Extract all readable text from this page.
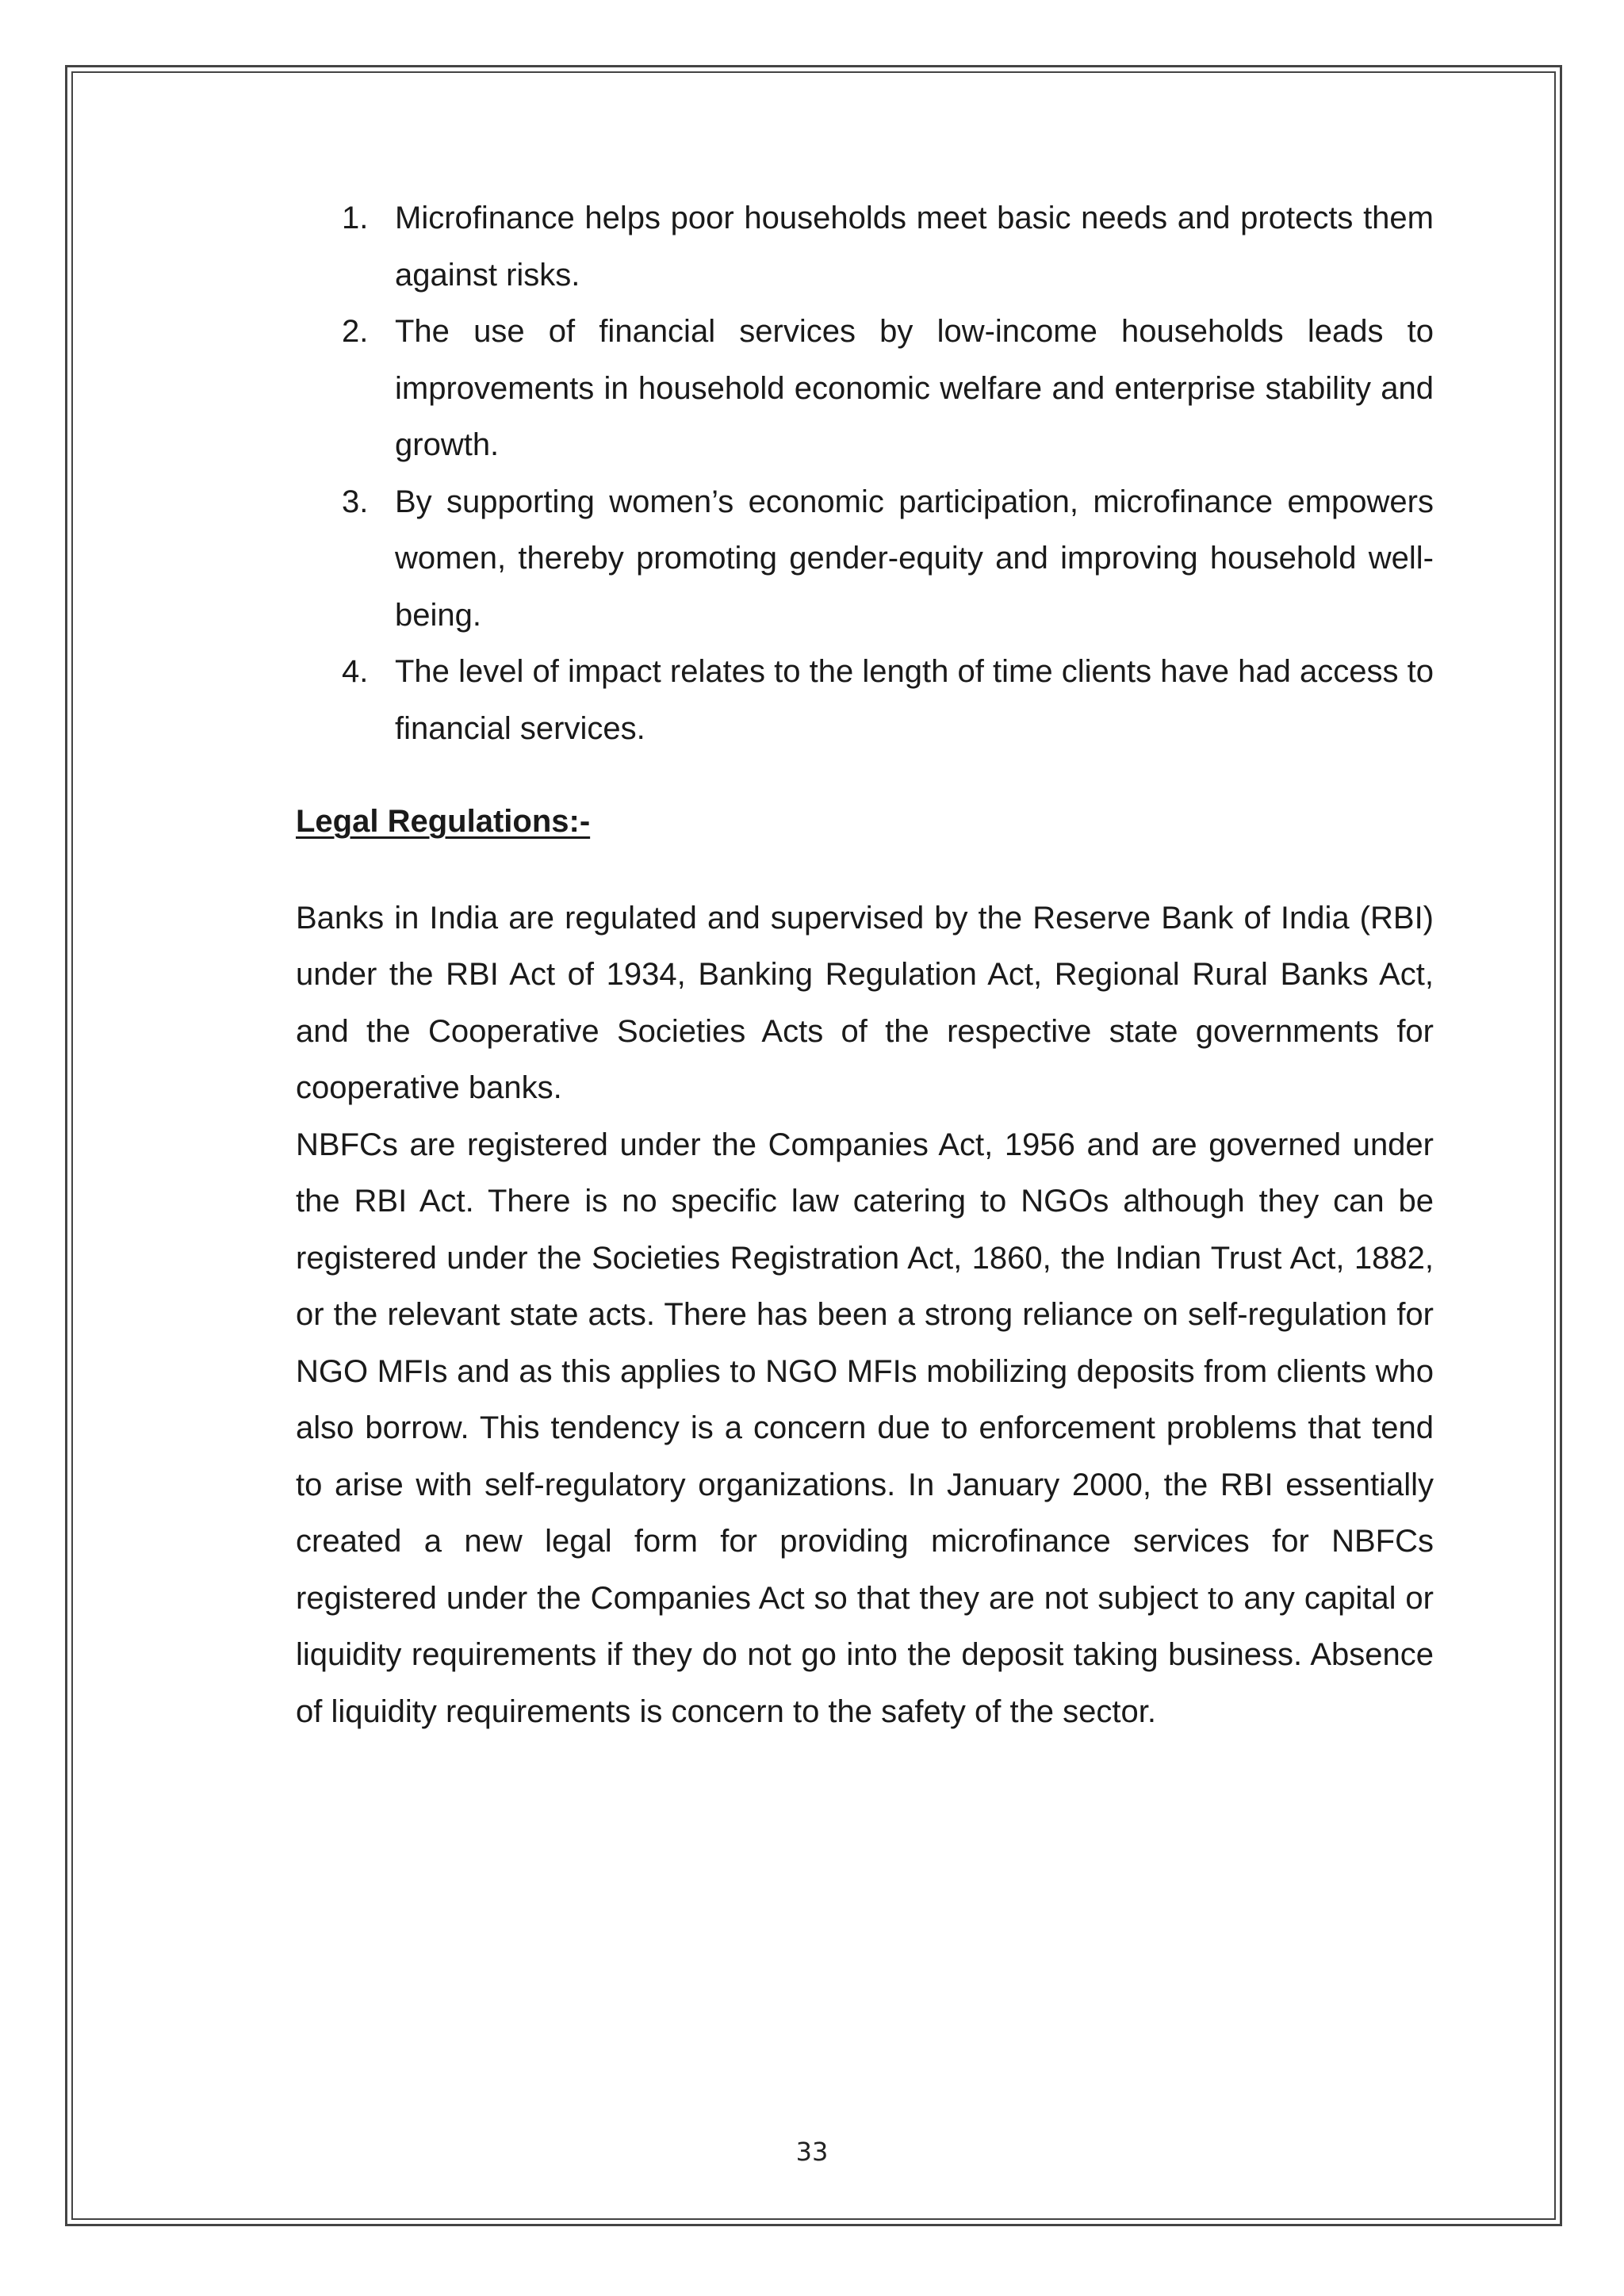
1. Microfinance helps poor households meet basic needs and protects them against risks.
2. The use of financial services by low-income households leads to improvements in household economic welfare and enterprise stability and growth.
3. By supporting women’s economic participation, microfinance empowers women, thereby promoting gender-equity and improving household well-being.
4. The level of impact relates to the length of time clients have had access to financial services.
Legal Regulations:-

Banks in India are regulated and supervised by the Reserve Bank of India (RBI) under the RBI Act of 1934, Banking Regulation Act, Regional Rural Banks Act, and the Cooperative Societies Acts of the respective state governments for cooperative banks.

NBFCs are registered under the Companies Act, 1956 and are governed under the RBI Act. There is no specific law catering to NGOs although they can be registered under the Societies Registration Act, 1860, the Indian Trust Act, 1882, or the relevant state acts. There has been a strong reliance on self-regulation for NGO MFIs and as this applies to NGO MFIs mobilizing deposits from clients who also borrow. This tendency is a concern due to enforcement problems that tend to arise with self-regulatory organizations. In January 2000, the RBI essentially created a new legal form for providing microfinance services for NBFCs registered under the Companies Act so that they are not subject to any capital or liquidity requirements if they do not go into the deposit taking business. Absence of liquidity requirements is concern to the safety of the sector.

33
